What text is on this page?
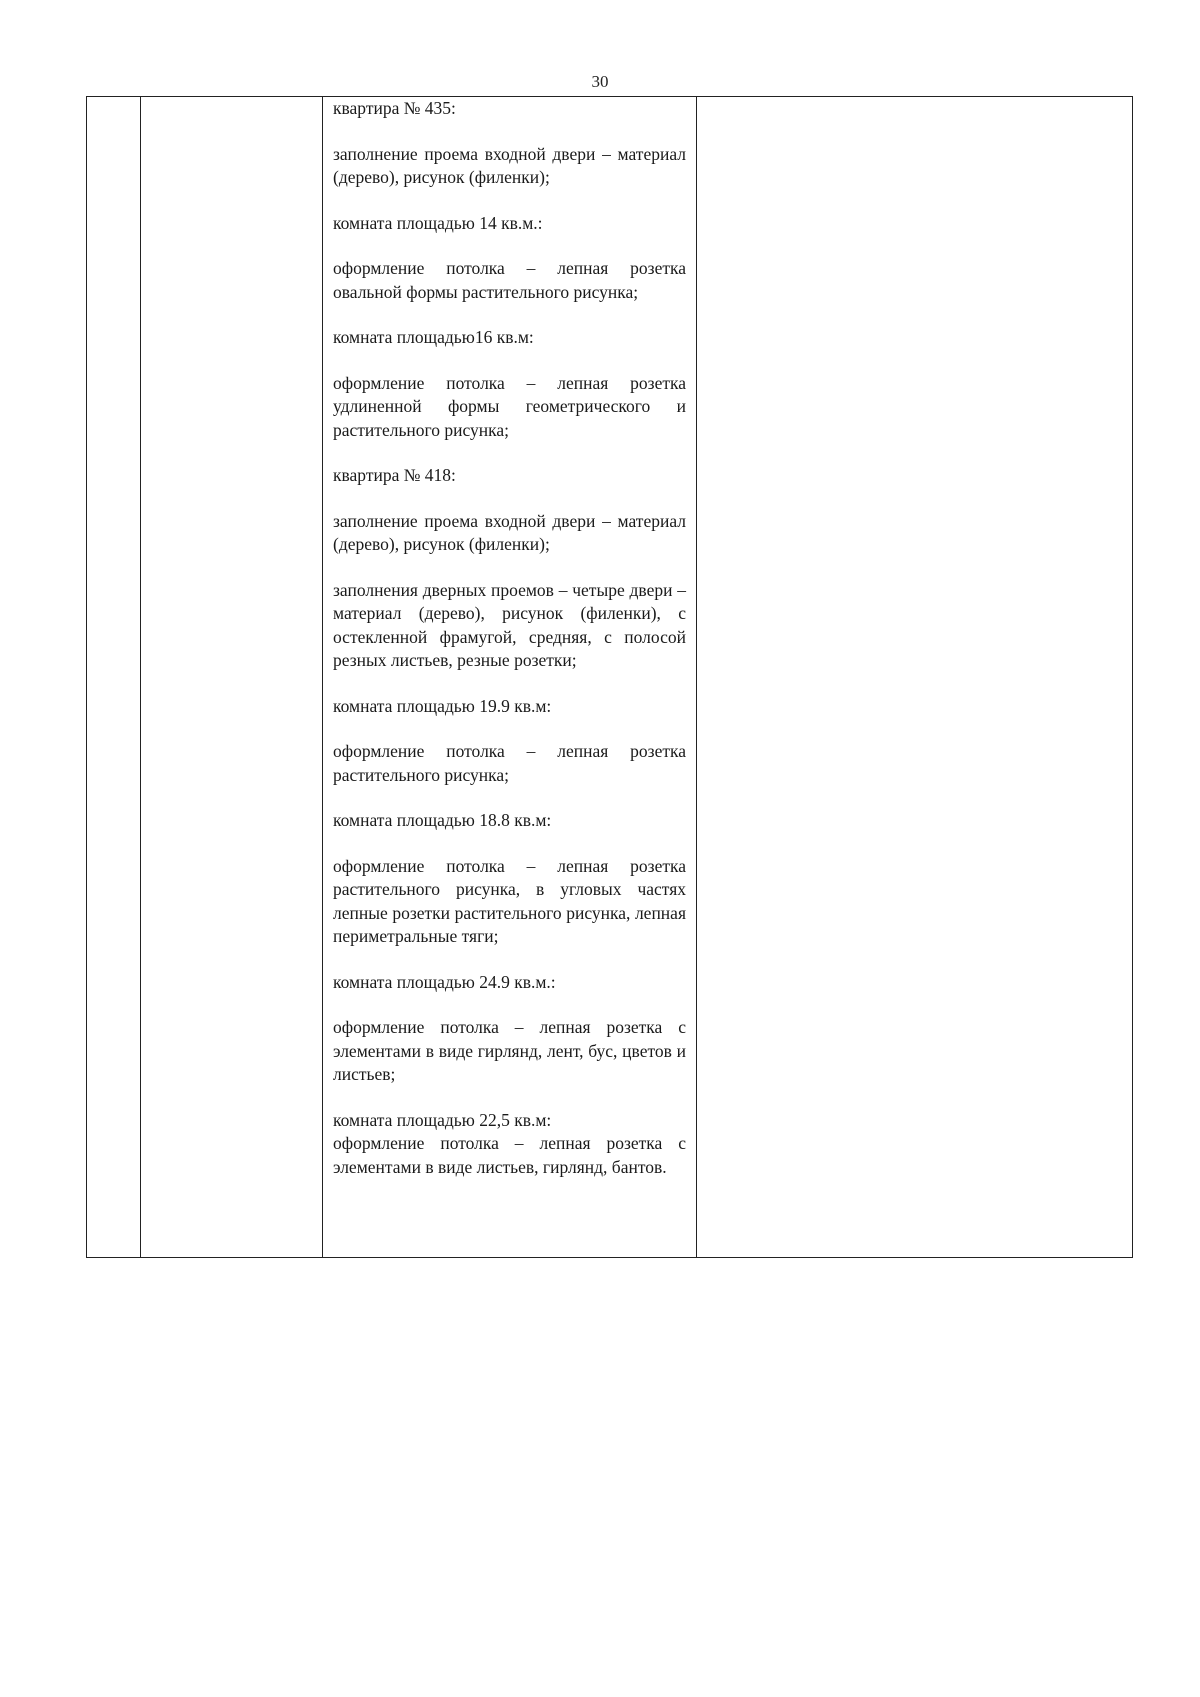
30

квартира № 435:

заполнение проема входной двери – материал (дерево), рисунок (филенки);

комната площадью 14 кв.м.:

оформление потолка – лепная розетка овальной формы растительного рисунка;

комната площадью16 кв.м:

оформление потолка – лепная розетка удлиненной формы геометрического и растительного рисунка;

квартира № 418:

заполнение проема входной двери – материал (дерево), рисунок (филенки);

заполнения дверных проемов – четыре двери – материал (дерево), рисунок (филенки), с остекленной фрамугой, средняя, с полосой резных листьев, резные розетки;

комната площадью 19.9 кв.м:

оформление потолка – лепная розетка растительного рисунка;

комната площадью 18.8 кв.м:

оформление потолка – лепная розетка растительного рисунка, в угловых частях лепные розетки растительного рисунка, лепная периметральные тяги;

комната площадью 24.9 кв.м.:

оформление потолка – лепная розетка с элементами в виде гирлянд, лент, бус, цветов и листьев;

комната площадью 22,5 кв.м:

оформление потолка – лепная розетка с элементами в виде листьев, гирлянд, бантов.
